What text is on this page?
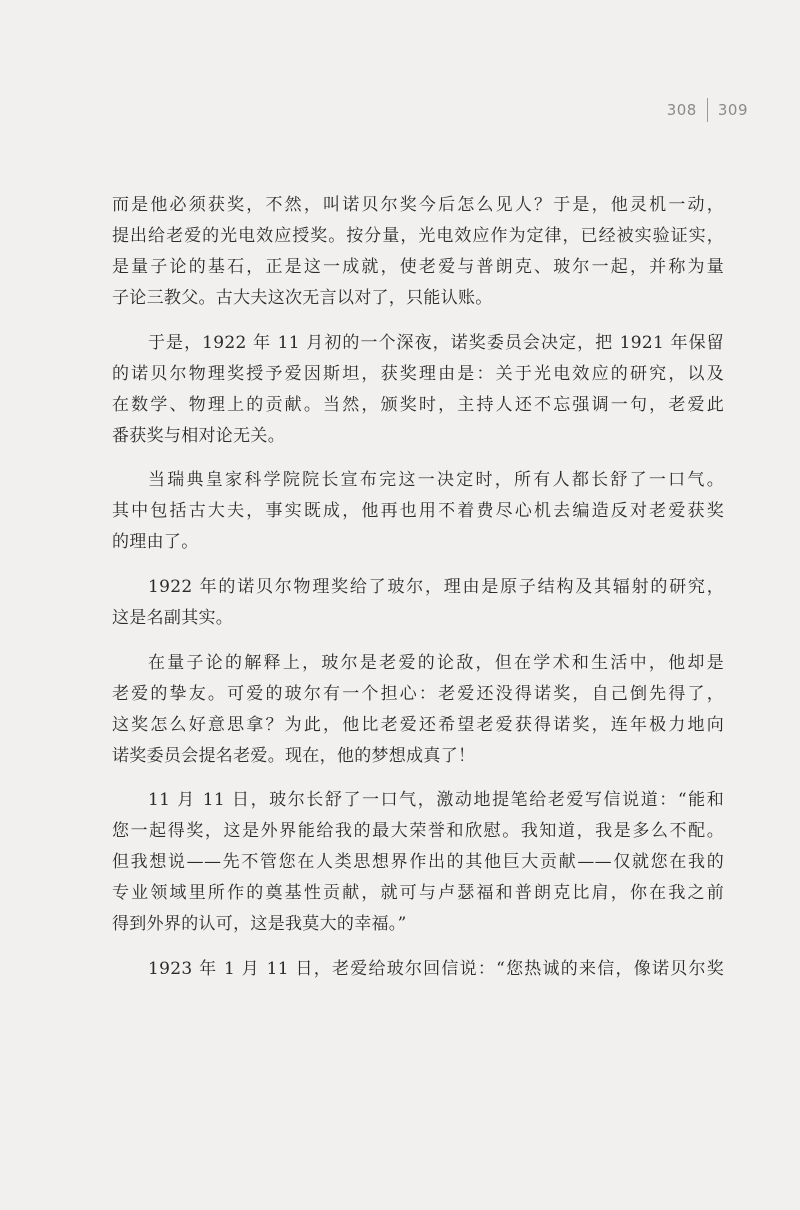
308 309
而是他必须获奖，不然，叫诺贝尔奖今后怎么见人？于是，他灵机一动，
提出给老爱的光电效应授奖。按分量，光电效应作为定律，已经被实验证实，
是量子论的基石，正是这一成就，使老爱与普朗克、玻尔一起，并称为量
子论三教父。古大夫这次无言以对了，只能认账。
于是，1922 年 11 月初的一个深夜，诺奖委员会决定，把 1921 年保留
的诺贝尔物理奖授予爱因斯坦，获奖理由是：关于光电效应的研究，以及
在数学、物理上的贡献。当然，颁奖时，主持人还不忘强调一句，老爱此
番获奖与相对论无关。
当瑞典皇家科学院院长宣布完这一决定时，所有人都长舒了一口气。
其中包括古大夫，事实既成，他再也用不着费尽心机去编造反对老爱获奖
的理由了。
1922 年的诺贝尔物理奖给了玻尔，理由是原子结构及其辐射的研究，
这是名副其实。
在量子论的解释上，玻尔是老爱的论敌，但在学术和生活中，他却是
老爱的挚友。可爱的玻尔有一个担心：老爱还没得诺奖，自己倒先得了，
这奖怎么好意思拿？为此，他比老爱还希望老爱获得诺奖，连年极力地向
诺奖委员会提名老爱。现在，他的梦想成真了！
11 月 11 日，玻尔长舒了一口气，激动地提笔给老爱写信说道：“能和
您一起得奖，这是外界能给我的最大荣誉和欣慰。我知道，我是多么不配。
但我想说——先不管您在人类思想界作出的其他巨大贡献——仅就您在我的
专业领域里所作的奠基性贡献，就可与卢瑟福和普朗克比肩，你在我之前
得到外界的认可，这是我莫大的幸福。”
1923 年 1 月 11 日，老爱给玻尔回信说：“您热诚的来信，像诺贝尔奖
